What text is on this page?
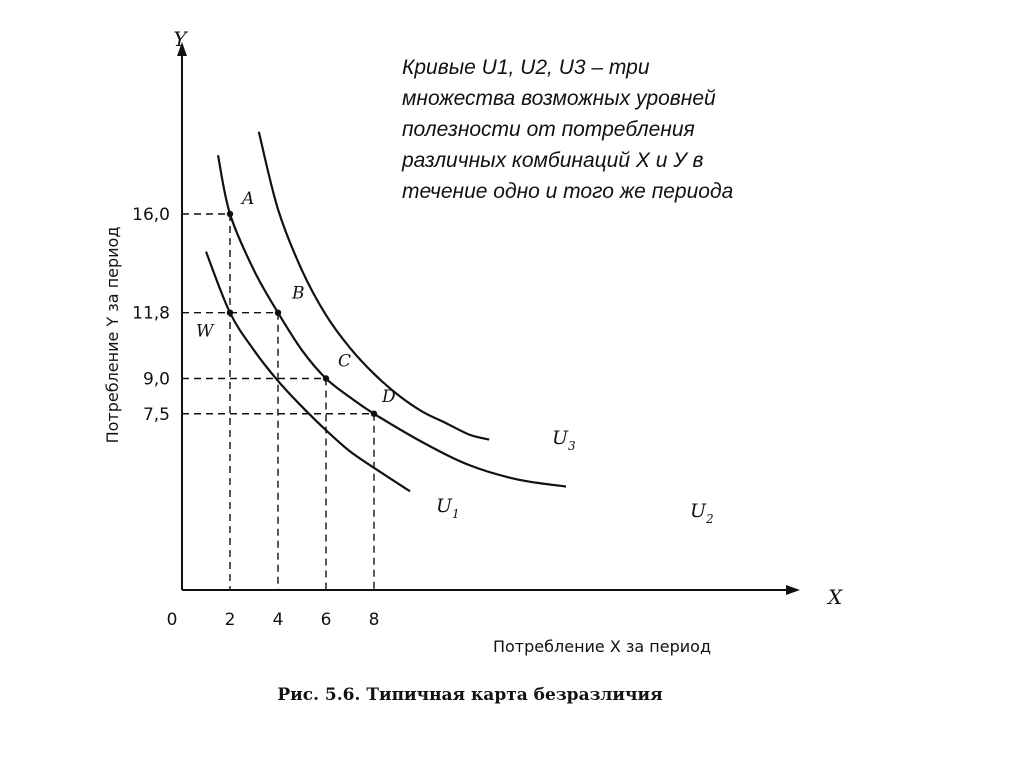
X
Y
0	2 4 6 8
16,0
11,8
9,0
7,5
$U_1$	$U_2$
$U_3$
A
B
C
D
W
Потребление X за период
Потребление Y за период
Рис. 5.6. Типичная карта безразличия
Кривые U1, U2, U3 – три
множества возможных уровней
полезности от потребления
различных комбинаций X и У в
течение одно и того же периода
